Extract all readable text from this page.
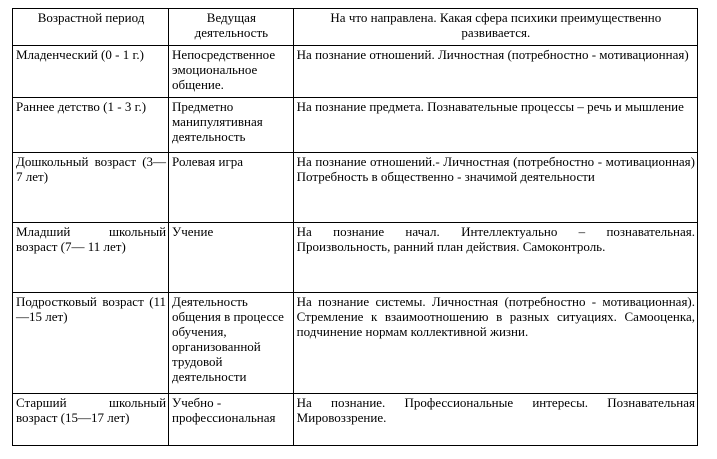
Возрастной период	Ведущая деятельность	На что направлена. Какая сфера психики преимущественно развивается.
Младенческий (0 - 1 г.)	Непосредственное эмоциональное общение.	На познание отношений. Личностная (потребностно - мотивационная)
Раннее детство (1 - 3 г.)	Предметно манипулятивная деятельность	На познание предмета. Познавательные процессы – речь и мышление
Дошкольный возраст (3—7 лет)	Ролевая игра	На познание отношений.- Личностная (потребностно - мотивационная) Потребность в общественно - значимой деятельности
Младший школьный возраст (7— 11 лет)	Учение	На познание начал. Интеллектуально – познавательная. Произвольность, ранний план действия. Самоконтроль.
Подростковый возраст (11—15 лет)	Деятельность общения в процессе обучения, организованной трудовой деятельности	На познание системы. Личностная (потребностно - мотивационная). Стремление к взаимоотношению в разных ситуациях. Самооценка, подчинение нормам коллективной жизни.
Старший школьный возраст (15—17 лет)	Учебно - профессиональная	На познание. Профессиональные интересы. Познавательная Мировоззрение.
